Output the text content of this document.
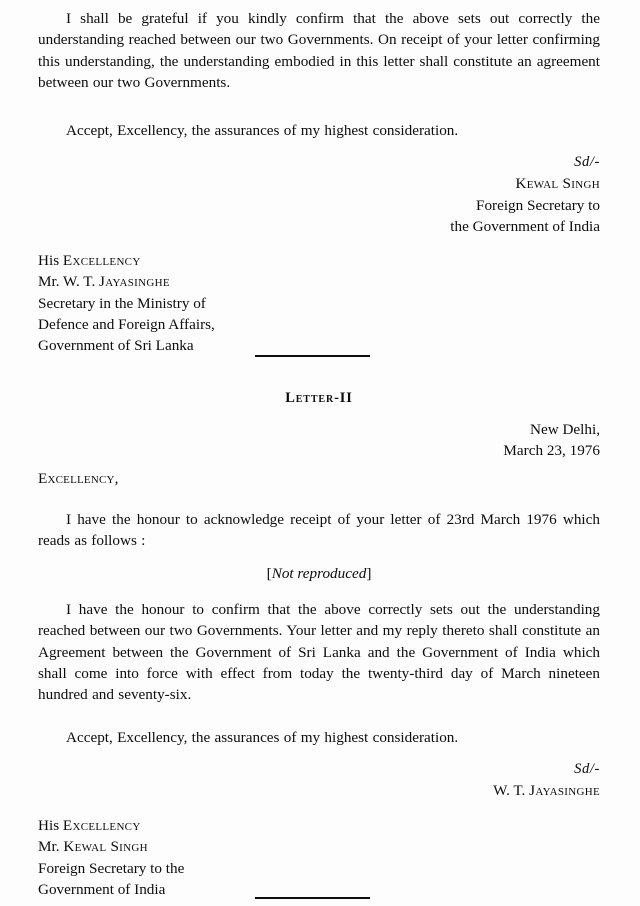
I shall be grateful if you kindly confirm that the above sets out correctly the understanding reached between our two Governments. On receipt of your letter confirming this understanding, the understanding embodied in this letter shall constitute an agreement between our two Governments.

Accept, Excellency, the assurances of my highest consideration.

Sd/-
Kewal Singh
Foreign Secretary to
the Government of India
His Excellency
Mr. W. T. Jayasinghe
Secretary in the Ministry of
Defence and Foreign Affairs,
Government of Sri Lanka
Letter-II
New Delhi,
March 23, 1976
Excellency,

I have the honour to acknowledge receipt of your letter of 23rd March 1976 which reads as follows :

[Not reproduced]

I have the honour to confirm that the above correctly sets out the understanding reached between our two Governments. Your letter and my reply thereto shall constitute an Agreement between the Government of Sri Lanka and the Government of India which shall come into force with effect from today the twenty-third day of March nineteen hundred and seventy-six.

Accept, Excellency, the assurances of my highest consideration.

Sd/-
W. T. Jayasinghe
His Excellency
Mr. Kewal Singh
Foreign Secretary to the
Government of India
